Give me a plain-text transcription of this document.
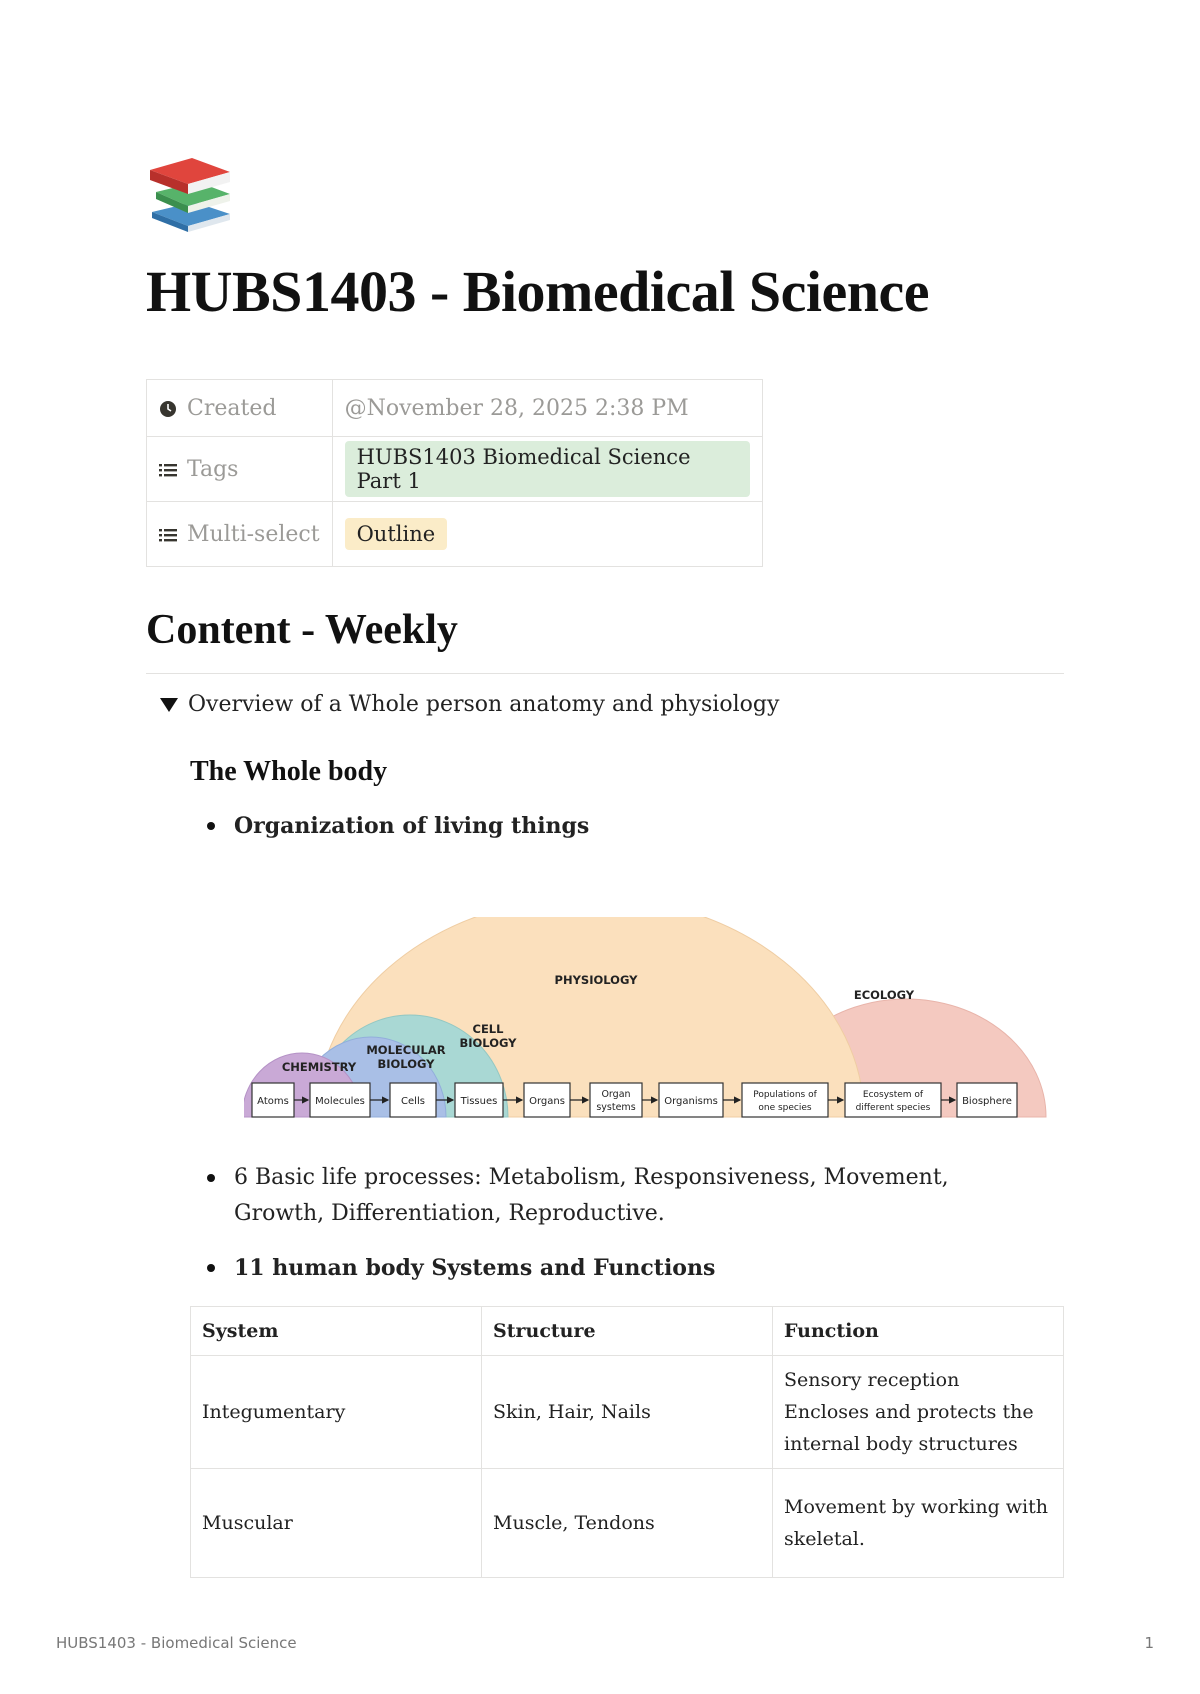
HUBS1403 - Biomedical Science
Created	@November 28, 2025 2:38 PM
Tags	HUBS1403 Biomedical Science Part 1
Multi-select	Outline
Content - Weekly
Overview of a Whole person anatomy and physiology
The Whole body
Organization of living things
CHEMISTRY
MOLECULAR
BIOLOGY
CELL
BIOLOGY
PHYSIOLOGY
ECOLOGY
Atoms	Molecules	Cells	Tissues	Organs
Organ
systems
Organisms
Populations of
one species
Ecosystem of
different species
Biosphere
6 Basic life processes: Metabolism, Responsiveness, Movement, Growth, Differentiation, Reproductive.
11 human body Systems and Functions
System	Structure	Function
Integumentary	Skin, Hair, Nails	Sensory reception
Encloses and protects the
internal body structures

Muscular	Muscle, Tendons	Movement by working with
skeletal.
HUBS1403 - Biomedical Science	1
